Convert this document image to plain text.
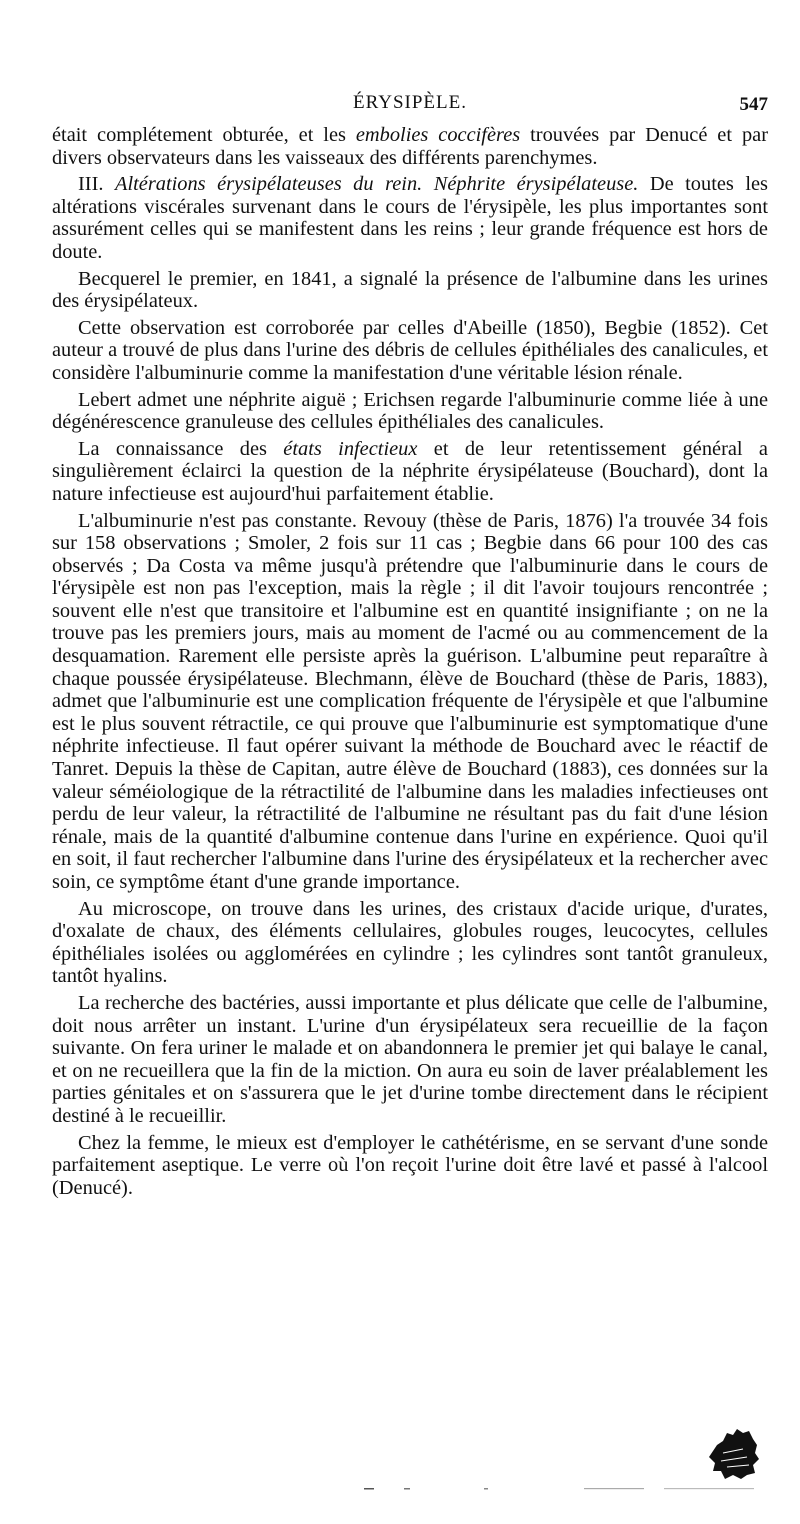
ÉRYSIPÈLE.	547

était complétement obturée, et les embolies coccifères trouvées par Denucé et par divers observateurs dans les vaisseaux des différents parenchymes.

III. Altérations érysipélateuses du rein. Néphrite érysipélateuse. De toutes les altérations viscérales survenant dans le cours de l'érysipèle, les plus importantes sont assurément celles qui se manifestent dans les reins ; leur grande fréquence est hors de doute.

Becquerel le premier, en 1841, a signalé la présence de l'albumine dans les urines des érysipélateux.

Cette observation est corroborée par celles d'Abeille (1850), Begbie (1852). Cet auteur a trouvé de plus dans l'urine des débris de cellules épithéliales des canalicules, et considère l'albuminurie comme la manifestation d'une véritable lésion rénale.

Lebert admet une néphrite aiguë ; Erichsen regarde l'albuminurie comme liée à une dégénérescence granuleuse des cellules épithéliales des canalicules.

La connaissance des états infectieux et de leur retentissement général a singulièrement éclairci la question de la néphrite érysipélateuse (Bouchard), dont la nature infectieuse est aujourd'hui parfaitement établie.

L'albuminurie n'est pas constante. Revouy (thèse de Paris, 1876) l'a trouvée 34 fois sur 158 observations ; Smoler, 2 fois sur 11 cas ; Begbie dans 66 pour 100 des cas observés ; Da Costa va même jusqu'à prétendre que l'albuminurie dans le cours de l'érysipèle est non pas l'exception, mais la règle ; il dit l'avoir toujours rencontrée ; souvent elle n'est que transitoire et l'albumine est en quantité insignifiante ; on ne la trouve pas les premiers jours, mais au moment de l'acmé ou au commencement de la desquamation. Rarement elle persiste après la guérison. L'albumine peut reparaître à chaque poussée érysipélateuse. Blechmann, élève de Bouchard (thèse de Paris, 1883), admet que l'albuminurie est une complication fréquente de l'érysipèle et que l'albumine est le plus souvent rétractile, ce qui prouve que l'albuminurie est symptomatique d'une néphrite infectieuse. Il faut opérer suivant la méthode de Bouchard avec le réactif de Tanret. Depuis la thèse de Capitan, autre élève de Bouchard (1883), ces données sur la valeur séméiologique de la rétractilité de l'albumine dans les maladies infectieuses ont perdu de leur valeur, la rétractilité de l'albumine ne résultant pas du fait d'une lésion rénale, mais de la quantité d'albumine contenue dans l'urine en expérience. Quoi qu'il en soit, il faut rechercher l'albumine dans l'urine des érysipélateux et la rechercher avec soin, ce symptôme étant d'une grande importance.

Au microscope, on trouve dans les urines, des cristaux d'acide urique, d'urates, d'oxalate de chaux, des éléments cellulaires, globules rouges, leucocytes, cellules épithéliales isolées ou agglomérées en cylindre ; les cylindres sont tantôt granuleux, tantôt hyalins.

La recherche des bactéries, aussi importante et plus délicate que celle de l'albumine, doit nous arrêter un instant. L'urine d'un érysipélateux sera recueillie de la façon suivante. On fera uriner le malade et on abandonnera le premier jet qui balaye le canal, et on ne recueillera que la fin de la miction. On aura eu soin de laver préalablement les parties génitales et on s'assurera que le jet d'urine tombe directement dans le récipient destiné à le recueillir.

Chez la femme, le mieux est d'employer le cathétérisme, en se servant d'une sonde parfaitement aseptique. Le verre où l'on reçoit l'urine doit être lavé et passé à l'alcool (Denucé).
